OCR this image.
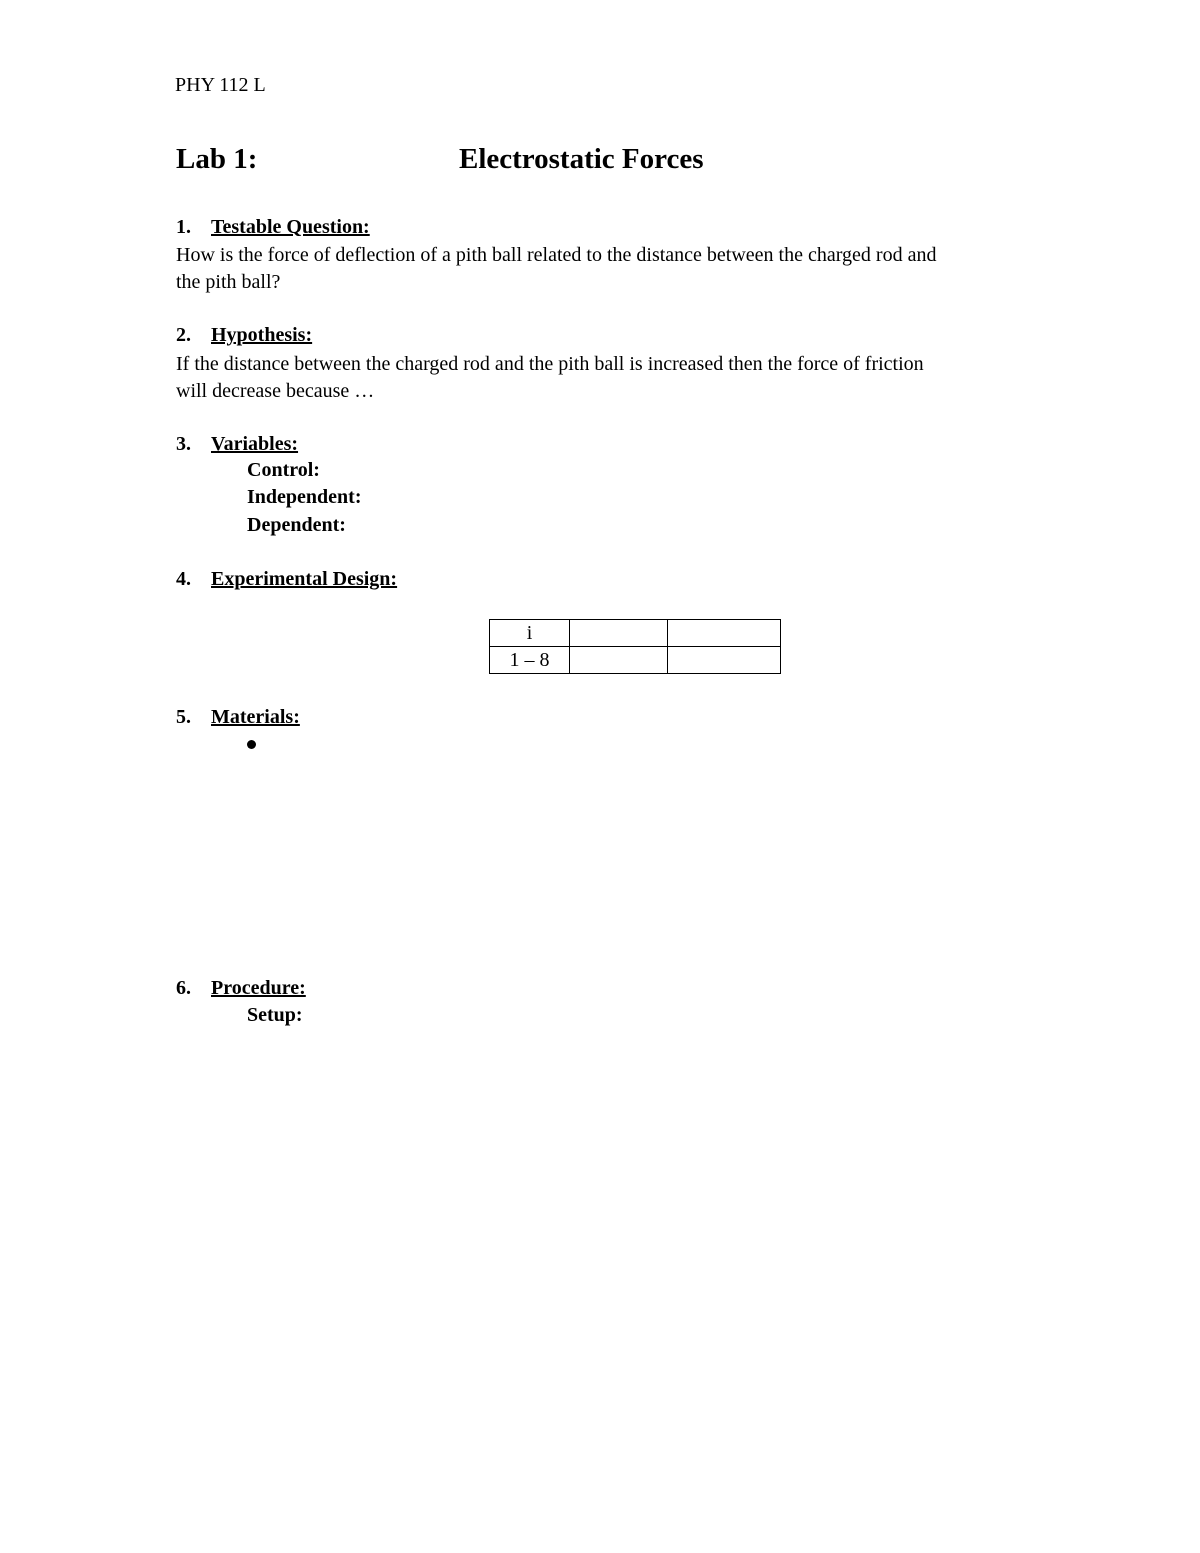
PHY 112 L
Lab 1:	Electrostatic Forces
1. Testable Question:
How is the force of deflection of a pith ball related to the distance between the charged rod and
the pith ball?
2. Hypothesis:
If the distance between the charged rod and the pith ball is increased then the force of friction
will decrease because …
3. Variables:
Control:
Independent:
Dependent:
4. Experimental Design:
i		
1 – 8		
5. Materials:
6. Procedure:
Setup:
